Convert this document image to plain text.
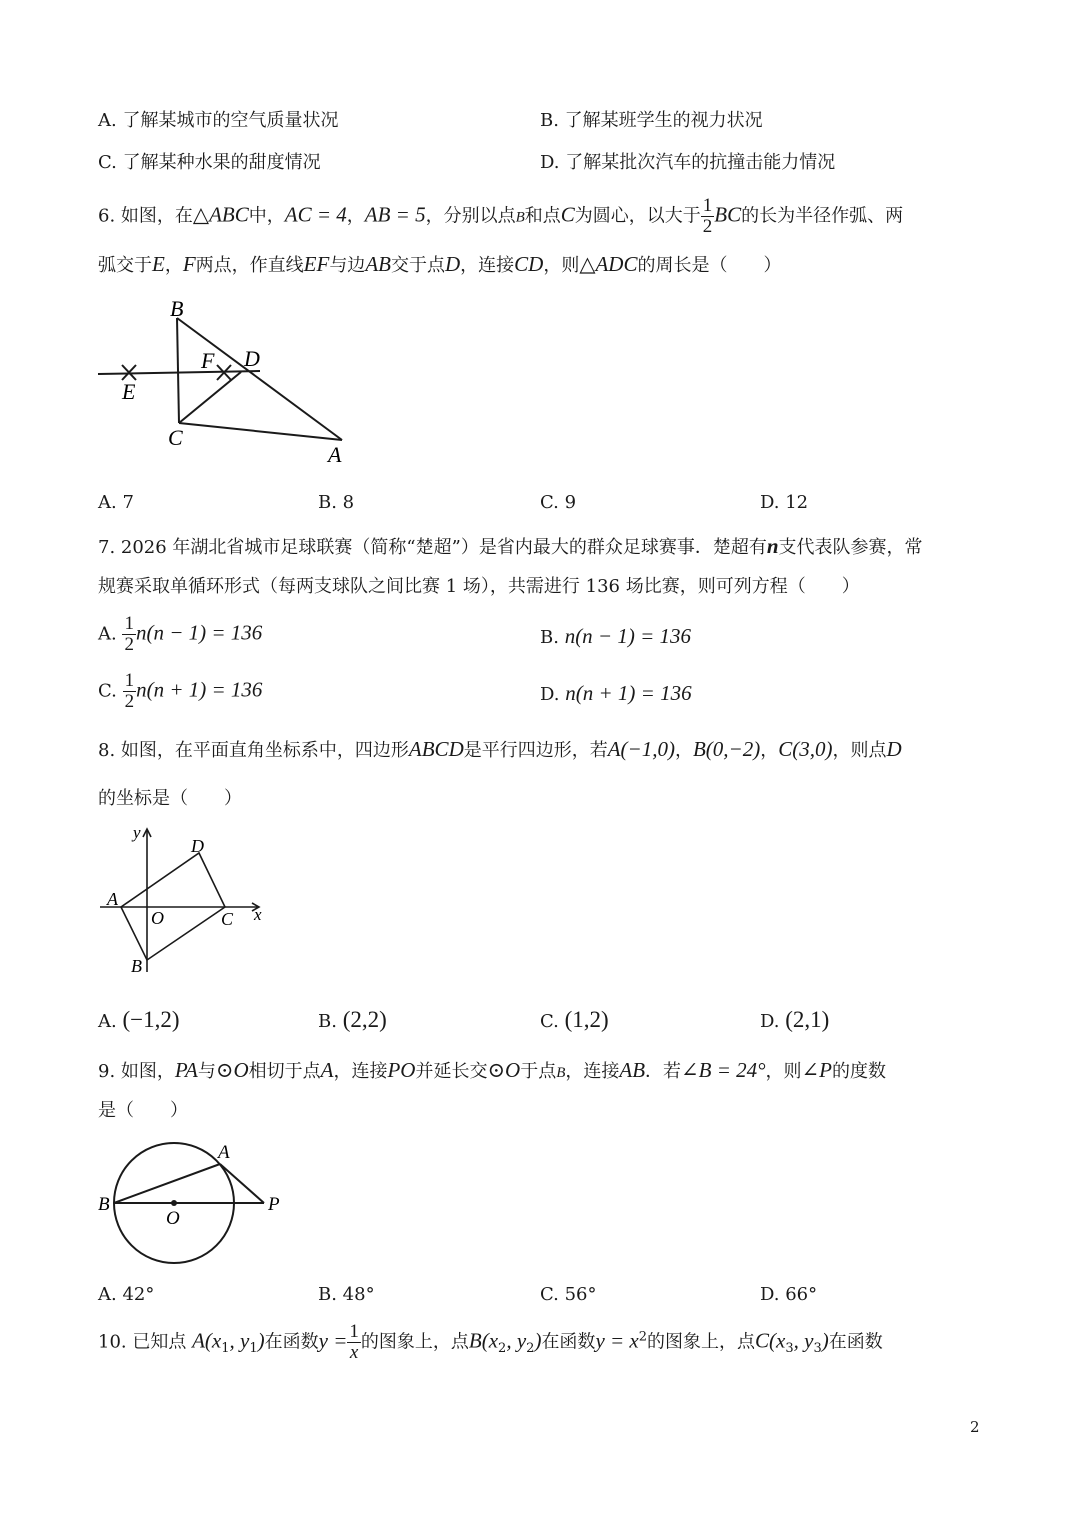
A. 了解某城市的空气质量状况	B. 了解某班学生的视力状况
C. 了解某种水果的甜度情况	D. 了解某批次汽车的抗撞击能力情况
6. 如图，在△ABC中，AC = 4，AB = 5，分别以点B和点C为圆心，以大于 $\frac{1}{2}$ BC的长为半径作弧、两
弧交于E，F两点，作直线EF与边AB交于点D，连接CD，则△ADC的周长是（　　）
B
F D
E
C
A
A. 7	B. 8	C. 9	D. 12
7. 2026 年湖北省城市足球联赛（简称“楚超”）是省内最大的群众足球赛事．楚超有n支代表队参赛，常
规赛采取单循环形式（每两支球队之间比赛 1 场），共需进行 136 场比赛，则可列方程（　　）
A. $\frac{1}{2} n(n - 1) = 136$	B. n(n − 1) = 136
C. $\frac{1}{2} n(n + 1) = 136$	D. n(n + 1) = 136
8. 如图，在平面直角坐标系中，四边形ABCD是平行四边形，若A(−1,0)，B(0,−2)，C(3,0)，则点D
的坐标是（　　）
y
x
D
A
O	C
B
A. (−1,2)	B. (2,2)	C. (1,2)	D. (2,1)
9. 如图，PA与⊙O相切于点A，连接PO并延长交⊙O于点B，连接AB．若∠B = 24°，则∠P的度数
是（　　）
A
B
O
P
A. 42°	B. 48°	C. 56°	D. 66°
10. 已知点 $A(x_1$, $y_1$)在函数$y = \frac{1}{x}$ 的图象上，点$B(x_2$, $y_2$)在函数$y = x^2$的图象上，点$C(x_3$, $y_3$)在函数
2
